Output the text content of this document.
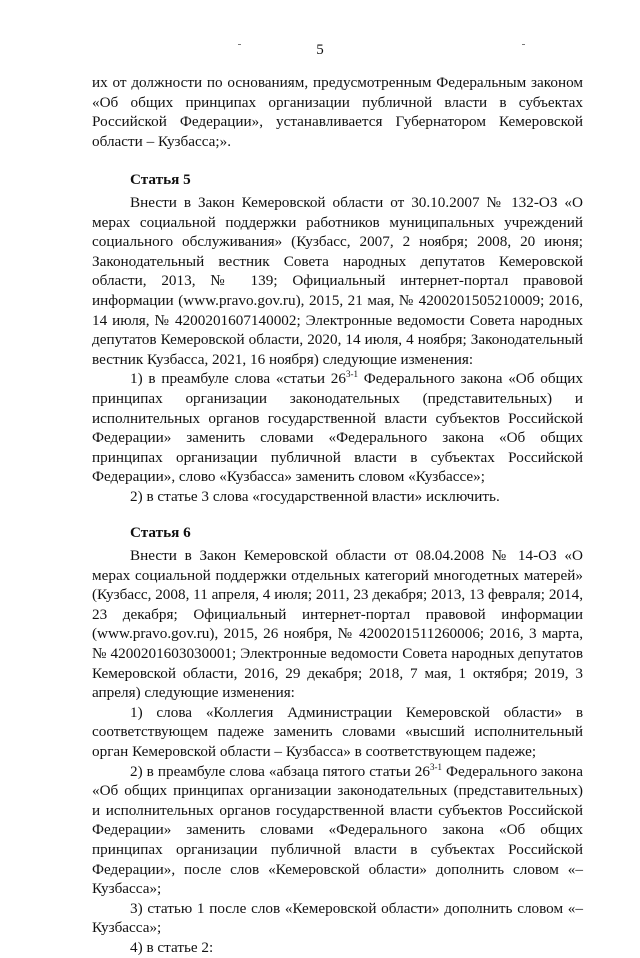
5

их от должности по основаниям, предусмотренным Федеральным законом «Об общих принципах организации публичной власти в субъектах Российской Федерации», устанавливается Губернатором Кемеровской области – Кузбасса;».

Статья 5

Внести в Закон Кемеровской области от 30.10.2007 № 132-ОЗ «О мерах социальной поддержки работников муниципальных учреждений социального обслуживания» (Кузбасс, 2007, 2 ноября; 2008, 20 июня; Законодательный вестник Совета народных депутатов Кемеровской области, 2013, № 139; Официальный интернет-портал правовой информации (www.pravo.gov.ru), 2015, 21 мая, № 4200201505210009; 2016, 14 июля, № 4200201607140002; Электронные ведомости Совета народных депутатов Кемеровской области, 2020, 14 июля, 4 ноября; Законодательный вестник Кузбасса, 2021, 16 ноября) следующие изменения:

1) в преамбуле слова «статьи 26$^{3-1}$ Федерального закона «Об общих принципах организации законодательных (представительных) и исполнительных органов государственной власти субъектов Российской Федерации» заменить словами «Федерального закона «Об общих принципах организации публичной власти в субъектах Российской Федерации», слово «Кузбасса» заменить словом «Кузбассе»;

2) в статье 3 слова «государственной власти» исключить.

Статья 6

Внести в Закон Кемеровской области от 08.04.2008 № 14-ОЗ «О мерах социальной поддержки отдельных категорий многодетных матерей» (Кузбасс, 2008, 11 апреля, 4 июля; 2011, 23 декабря; 2013, 13 февраля; 2014, 23 декабря; Официальный интернет-портал правовой информации (www.pravo.gov.ru), 2015, 26 ноября, № 4200201511260006; 2016, 3 марта, № 4200201603030001; Электронные ведомости Совета народных депутатов Кемеровской области, 2016, 29 декабря; 2018, 7 мая, 1 октября; 2019, 3 апреля) следующие изменения:

1) слова «Коллегия Администрации Кемеровской области» в соответствующем падеже заменить словами «высший исполнительный орган Кемеровской области – Кузбасса» в соответствующем падеже;

2) в преамбуле слова «абзаца пятого статьи 26$^{3-1}$ Федерального закона «Об общих принципах организации законодательных (представительных) и исполнительных органов государственной власти субъектов Российской Федерации» заменить словами «Федерального закона «Об общих принципах организации публичной власти в субъектах Российской Федерации», после слов «Кемеровской области» дополнить словом «– Кузбасса»;

3) статью 1 после слов «Кемеровской области» дополнить словом «– Кузбасса»;

4) в статье 2:
